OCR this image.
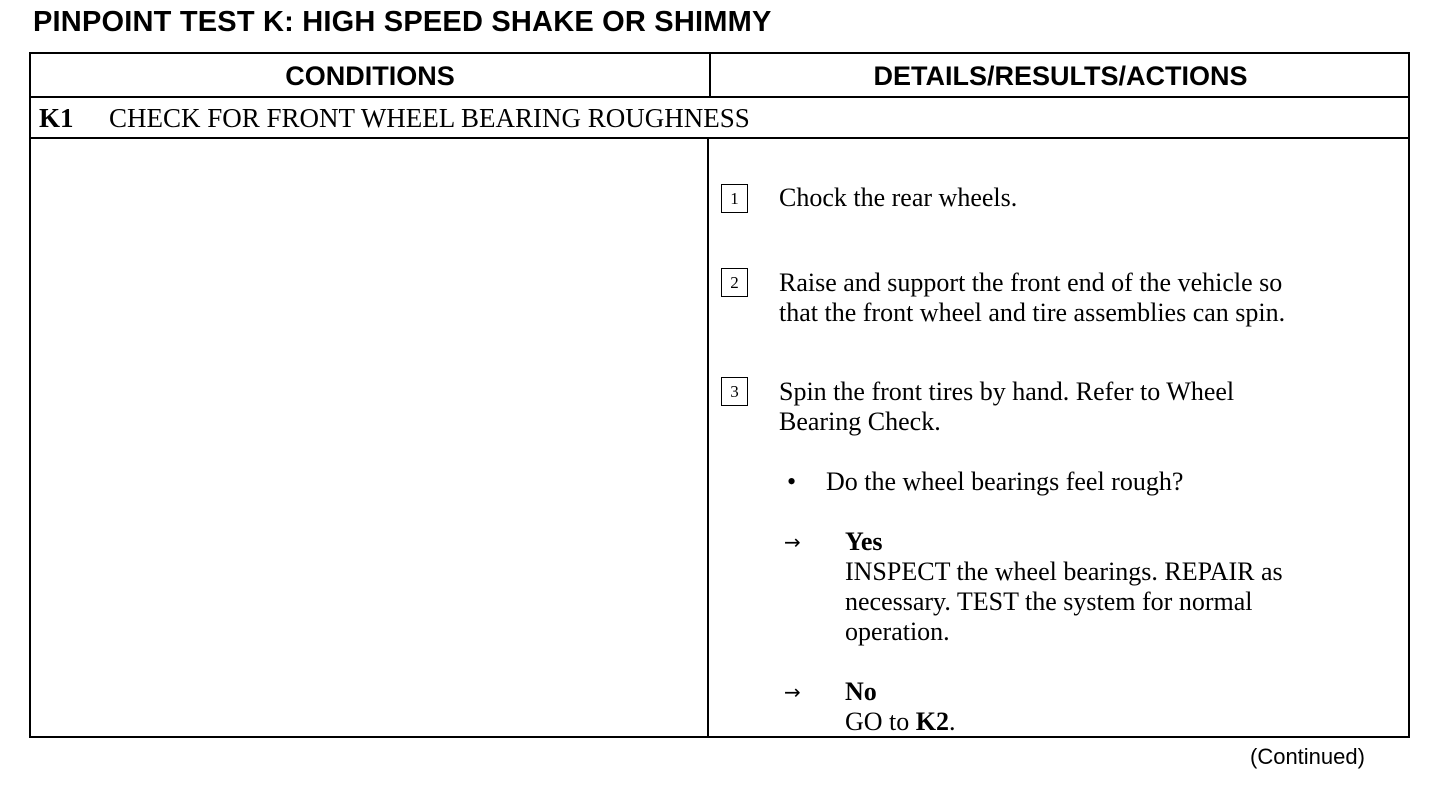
PINPOINT TEST K: HIGH SPEED SHAKE OR SHIMMY
CONDITIONS	DETAILS/RESULTS/ACTIONS
K1 CHECK FOR FRONT WHEEL BEARING ROUGHNESS
1	Chock the rear wheels.
2	Raise and support the front end of the vehicle so
that the front wheel and tire assemblies can spin.
3	Spin the front tires by hand. Refer to Wheel
Bearing Check.
• Do the wheel bearings feel rough?
→ Yes
INSPECT the wheel bearings. REPAIR as
necessary. TEST the system for normal
operation.
→ No
GO to K2.
(Continued)
